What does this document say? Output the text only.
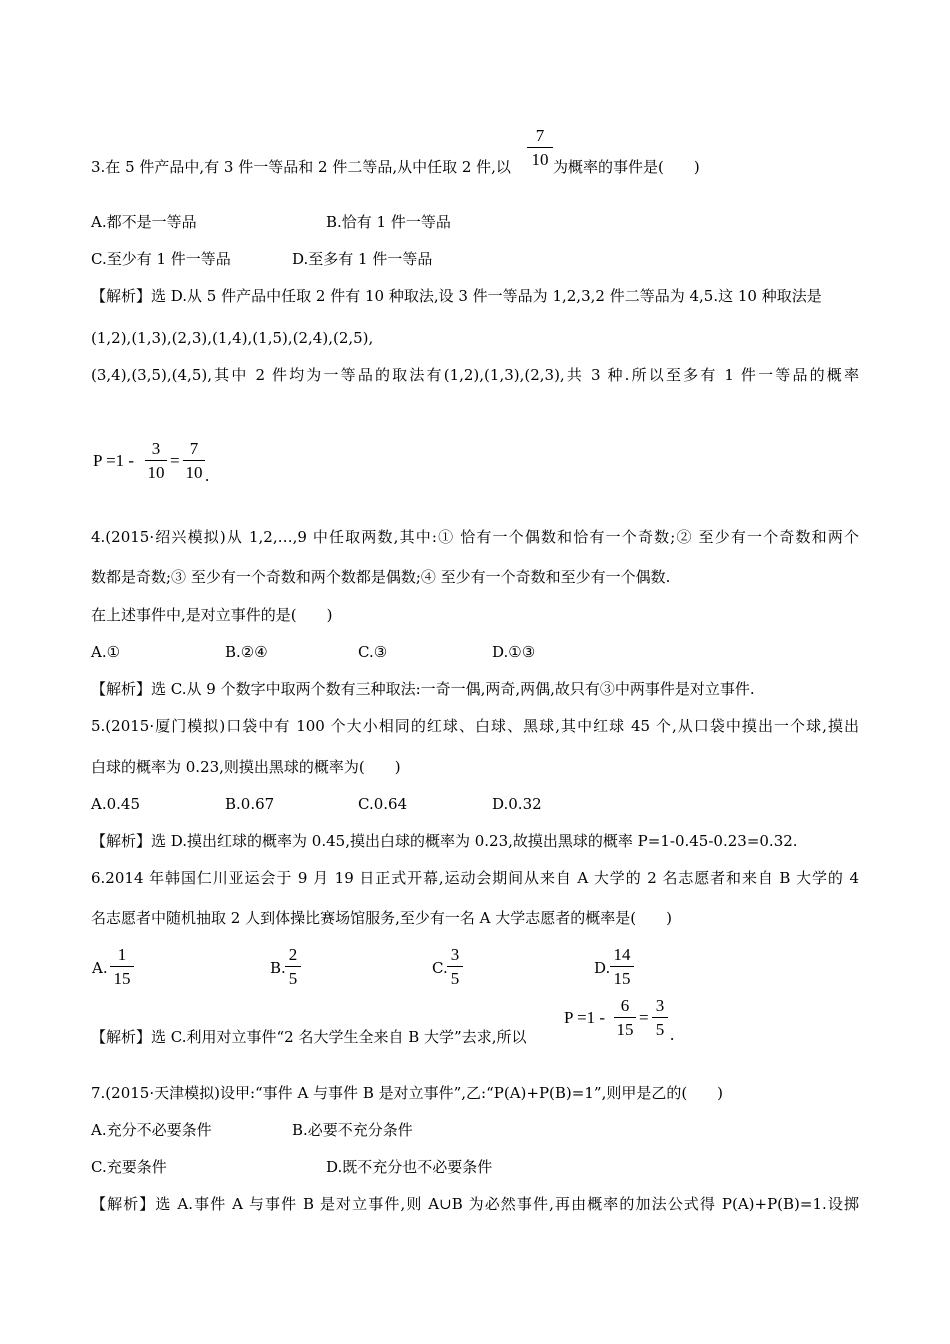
3.在 5 件产品中,有 3 件一等品和 2 件二等品,从中任取 2 件,以
7
10 为概率的事件是(　　)
A.都不是一等品	B.恰有 1 件一等品
C.至少有 1 件一等品	D.至多有 1 件一等品
【解析】选 D.从 5 件产品中任取 2 件有 10 种取法,设 3 件一等品为 1,2,3,2 件二等品为 4,5.这 10 种取法是
(1,2),(1,3),(2,3),(1,4),(1,5),(2,4),(2,5),
(3,4),(3,5),(4,5),其中 2 件均为一等品的取法有(1,2),(1,3),(2,3),共 3 种.所以至多有 1 件一等品的概率
P =1 -
3
10
=
7
10 .
4.(2015·绍兴模拟)从 1,2,…,9 中任取两数,其中:① 恰有一个偶数和恰有一个奇数;② 至少有一个奇数和两个
数都是奇数;③ 至少有一个奇数和两个数都是偶数;④ 至少有一个奇数和至少有一个偶数.
在上述事件中,是对立事件的是(　　)
A.①	B.②④	C.③	D.①③
【解析】选 C.从 9 个数字中取两个数有三种取法:一奇一偶,两奇,两偶,故只有③中两事件是对立事件.
5.(2015·厦门模拟)口袋中有 100 个大小相同的红球、白球、黑球,其中红球 45 个,从口袋中摸出一个球,摸出
白球的概率为 0.23,则摸出黑球的概率为(　　)
A.0.45	B.0.67	C.0.64	D.0.32
【解析】选 D.摸出红球的概率为 0.45,摸出白球的概率为 0.23,故摸出黑球的概率 P=1-0.45-0.23=0.32.
6.2014 年韩国仁川亚运会于 9 月 19 日正式开幕,运动会期间从来自 A 大学的 2 名志愿者和来自 B 大学的 4
名志愿者中随机抽取 2 人到体操比赛场馆服务,至少有一名 A 大学志愿者的概率是(　　)
A.
1
15
B.
2
5
C.
3
5
D.
14
15
【解析】选 C.利用对立事件“2 名大学生全来自 B 大学”去求,所以
P =1 -
6
15
=
3
5 .
7.(2015·天津模拟)设甲:“事件 A 与事件 B 是对立事件”,乙:“P(A)+P(B)=1”,则甲是乙的(　　)
A.充分不必要条件	B.必要不充分条件
C.充要条件	D.既不充分也不必要条件
【解析】选 A.事件 A 与事件 B 是对立事件,则 A∪B 为必然事件,再由概率的加法公式得 P(A)+P(B)=1.设掷
